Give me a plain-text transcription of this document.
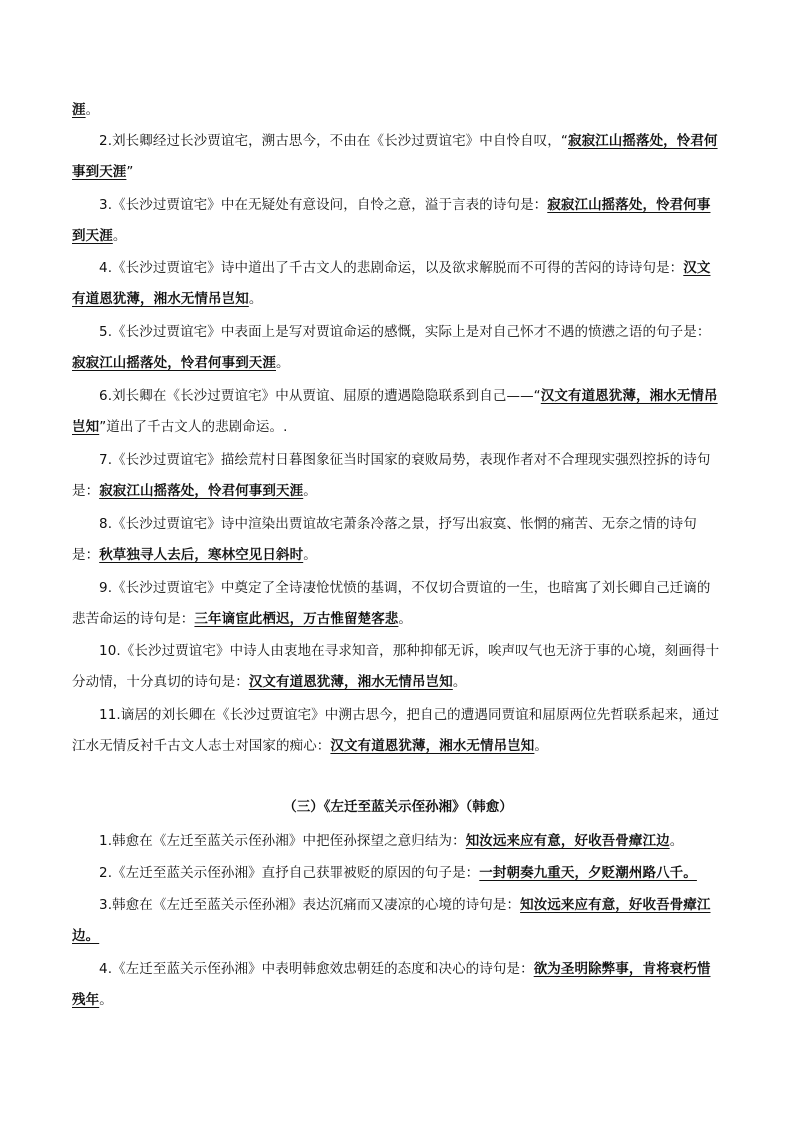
涯。
2.刘长卿经过长沙贾谊宅，溯古思今，不由在《长沙过贾谊宅》中自怜自叹，“寂寂江山摇落处，怜君何事到天涯”
3.《长沙过贾谊宅》中在无疑处有意设问，自怜之意，溢于言表的诗句是：寂寂江山摇落处，怜君何事到天涯。
4.《长沙过贾谊宅》诗中道出了千古文人的悲剧命运，以及欲求解脱而不可得的苦闷的诗诗句是：汉文有道恩犹薄，湘水无情吊岂知。
5.《长沙过贾谊宅》中表面上是写对贾谊命运的感慨，实际上是对自己怀才不遇的愤懑之语的句子是：寂寂江山摇落处，怜君何事到天涯。
6.刘长卿在《长沙过贾谊宅》中从贾谊、屈原的遭遇隐隐联系到自己——“汉文有道恩犹薄，湘水无情吊岂知”道出了千古文人的悲剧命运。.
7.《长沙过贾谊宅》描绘荒村日暮图象征当时国家的衰败局势，表现作者对不合理现实强烈控拆的诗句是：寂寂江山摇落处，怜君何事到天涯。
8.《长沙过贾谊宅》诗中渲染出贾谊故宅萧条冷落之景，抒写出寂寞、怅惘的痛苦、无奈之情的诗句是：秋草独寻人去后，寒林空见日斜时。
9.《长沙过贾谊宅》中奠定了全诗凄怆忧愤的基调，不仅切合贾谊的一生，也暗寓了刘长卿自己迁谪的悲苦命运的诗句是：三年谪宦此栖迟，万古惟留楚客悲。
10.《长沙过贾谊宅》中诗人由衷地在寻求知音，那种抑郁无诉，唉声叹气也无济于事的心境，刻画得十分动情，十分真切的诗句是：汉文有道恩犹薄，湘水无情吊岂知。
11.谪居的刘长卿在《长沙过贾谊宅》中溯古思今，把自己的遭遇同贾谊和屈原两位先哲联系起来，通过江水无情反衬千古文人志士对国家的痴心：汉文有道恩犹薄，湘水无情吊岂知。
（三）《左迁至蓝关示侄孙湘》（韩愈）
1.韩愈在《左迁至蓝关示侄孙湘》中把侄孙探望之意归结为：知汝远来应有意，好收吾骨瘴江边。
2.《左迁至蓝关示侄孙湘》直抒自己获罪被贬的原因的句子是：一封朝奏九重天，夕贬潮州路八千。
3.韩愈在《左迁至蓝关示侄孙湘》表达沉痛而又凄凉的心境的诗句是：知汝远来应有意，好收吾骨瘴江边。
4.《左迁至蓝关示侄孙湘》中表明韩愈效忠朝廷的态度和决心的诗句是：欲为圣明除弊事，肯将衰朽惜残年。
